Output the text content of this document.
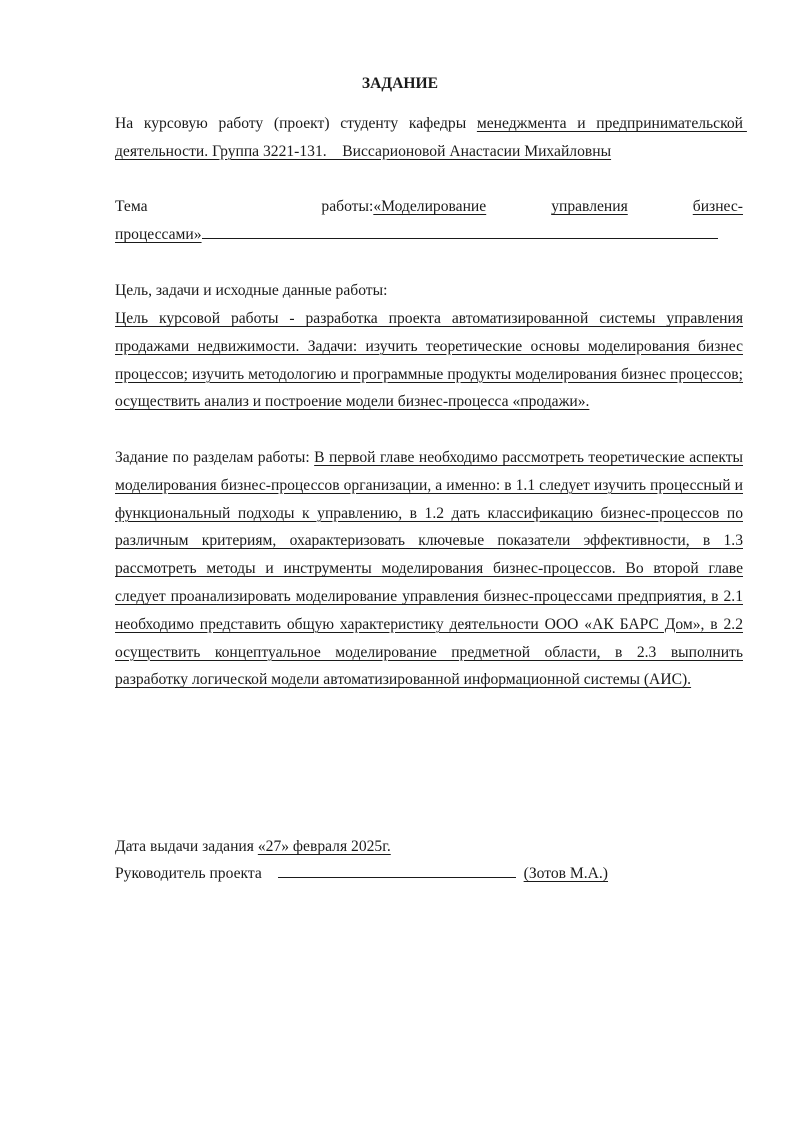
ЗАДАНИЕ
На курсовую работу (проект) студенту кафедры менеджмента и предпринимательской деятельности. Группа 3221-131.    Виссарионовой Анастасии Михайловны
Тема работы: «Моделирование	управления	бизнес-
процессами»
Цель, задачи и исходные данные работы:
Цель курсовой работы - разработка проекта автоматизированной системы управления продажами недвижимости. Задачи: изучить теоретические основы моделирования бизнес процессов; изучить методологию и программные продукты моделирования бизнес процессов; осуществить анализ и построение модели бизнес-процесса «продажи».
Задание по разделам работы: В первой главе необходимо рассмотреть теоретические аспекты моделирования бизнес-процессов организации, а именно: в 1.1 следует изучить процессный и функциональный подходы к управлению, в 1.2 дать классификацию бизнес-процессов по различным критериям, охарактеризовать ключевые показатели эффективности, в 1.3 рассмотреть методы и инструменты моделирования бизнес-процессов. Во второй главе следует проанализировать моделирование управления бизнес-процессами предприятия, в 2.1 необходимо представить общую характеристику деятельности ООО «АК БАРС Дом», в 2.2 осуществить концептуальное моделирование предметной области, в 2.3 выполнить разработку логической модели автоматизированной информационной системы (АИС).
Дата выдачи задания «27» февраля 2025г.
Руководитель проекта	(Зотов М.А.)
